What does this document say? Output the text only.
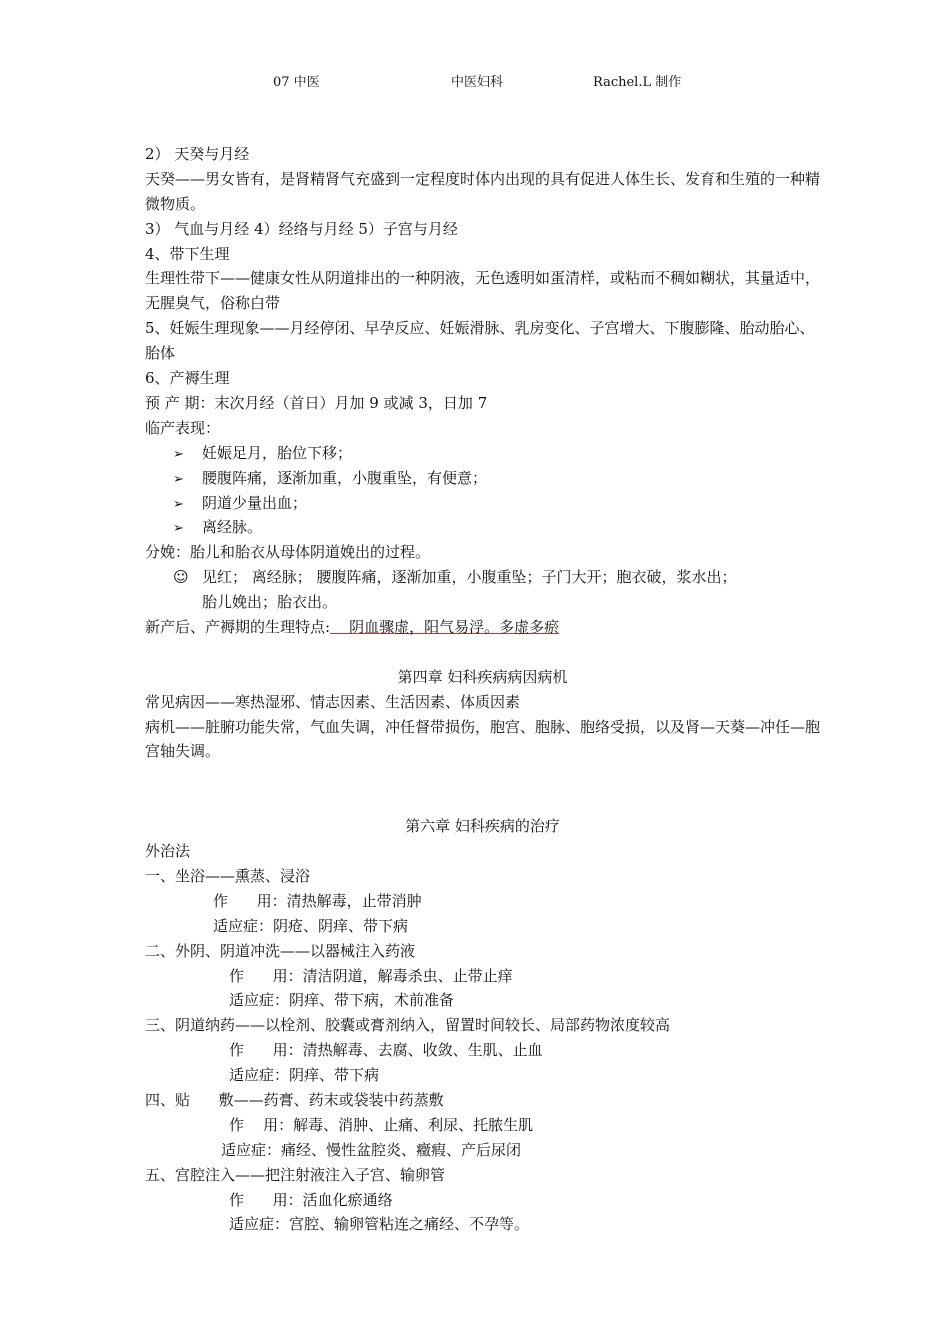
07 中医	中医妇科	Rachel.L 制作
2） 天癸与月经
天癸——男女皆有，是肾精肾气充盛到一定程度时体内出现的具有促进人体生长、发育和生殖的一种精微物质。
3） 气血与月经 4）经络与月经 5）子宫与月经
4、带下生理
生理性带下——健康女性从阴道排出的一种阴液，无色透明如蛋清样，或粘而不稠如糊状，其量适中，无腥臭气，俗称白带
5、妊娠生理现象——月经停闭、早孕反应、妊娠滑脉、乳房变化、子宫增大、下腹膨隆、胎动胎心、胎体
6、产褥生理
预 产 期：末次月经（首日）月加 9 或减 3，日加 7
临产表现：
➢ 妊娠足月，胎位下移；
➢ 腰腹阵痛，逐渐加重，小腹重坠，有便意；
➢ 阴道少量出血；
➢ 离经脉。
分娩：胎儿和胎衣从母体阴道娩出的过程。
☺ 见红； 离经脉； 腰腹阵痛，逐渐加重，小腹重坠；子门大开；胞衣破，浆水出；
胎儿娩出；胎衣出。
新产后、产褥期的生理特点:    阴血骤虚，阳气易浮。多虚多瘀
第四章 妇科疾病病因病机
常见病因——寒热湿邪、情志因素、生活因素、体质因素
病机——脏腑功能失常，气血失调，冲任督带损伤，胞宫、胞脉、胞络受损，以及肾—天葵—冲任—胞宫轴失调。
第六章 妇科疾病的治疗
外治法
一、坐浴——熏蒸、浸浴
作      用：清热解毒，止带消肿
适应症：阴疮、阴痒、带下病
二、外阴、阴道冲洗——以器械注入药液
作      用：清洁阴道，解毒杀虫、止带止痒
适应症：阴痒、带下病，术前准备
三、阴道纳药——以栓剂、胶囊或膏剂纳入，留置时间较长、局部药物浓度较高
作      用：清热解毒、去腐、收敛、生肌、止血
适应症：阴痒、带下病
四、贴      敷——药膏、药末或袋装中药蒸敷
作    用：解毒、消肿、止痛、利尿、托脓生肌
适应症：痛经、慢性盆腔炎、癥瘕、产后尿闭
五、宫腔注入——把注射液注入子宫、输卵管
作      用：活血化瘀通络
适应症：宫腔、输卵管粘连之痛经、不孕等。
